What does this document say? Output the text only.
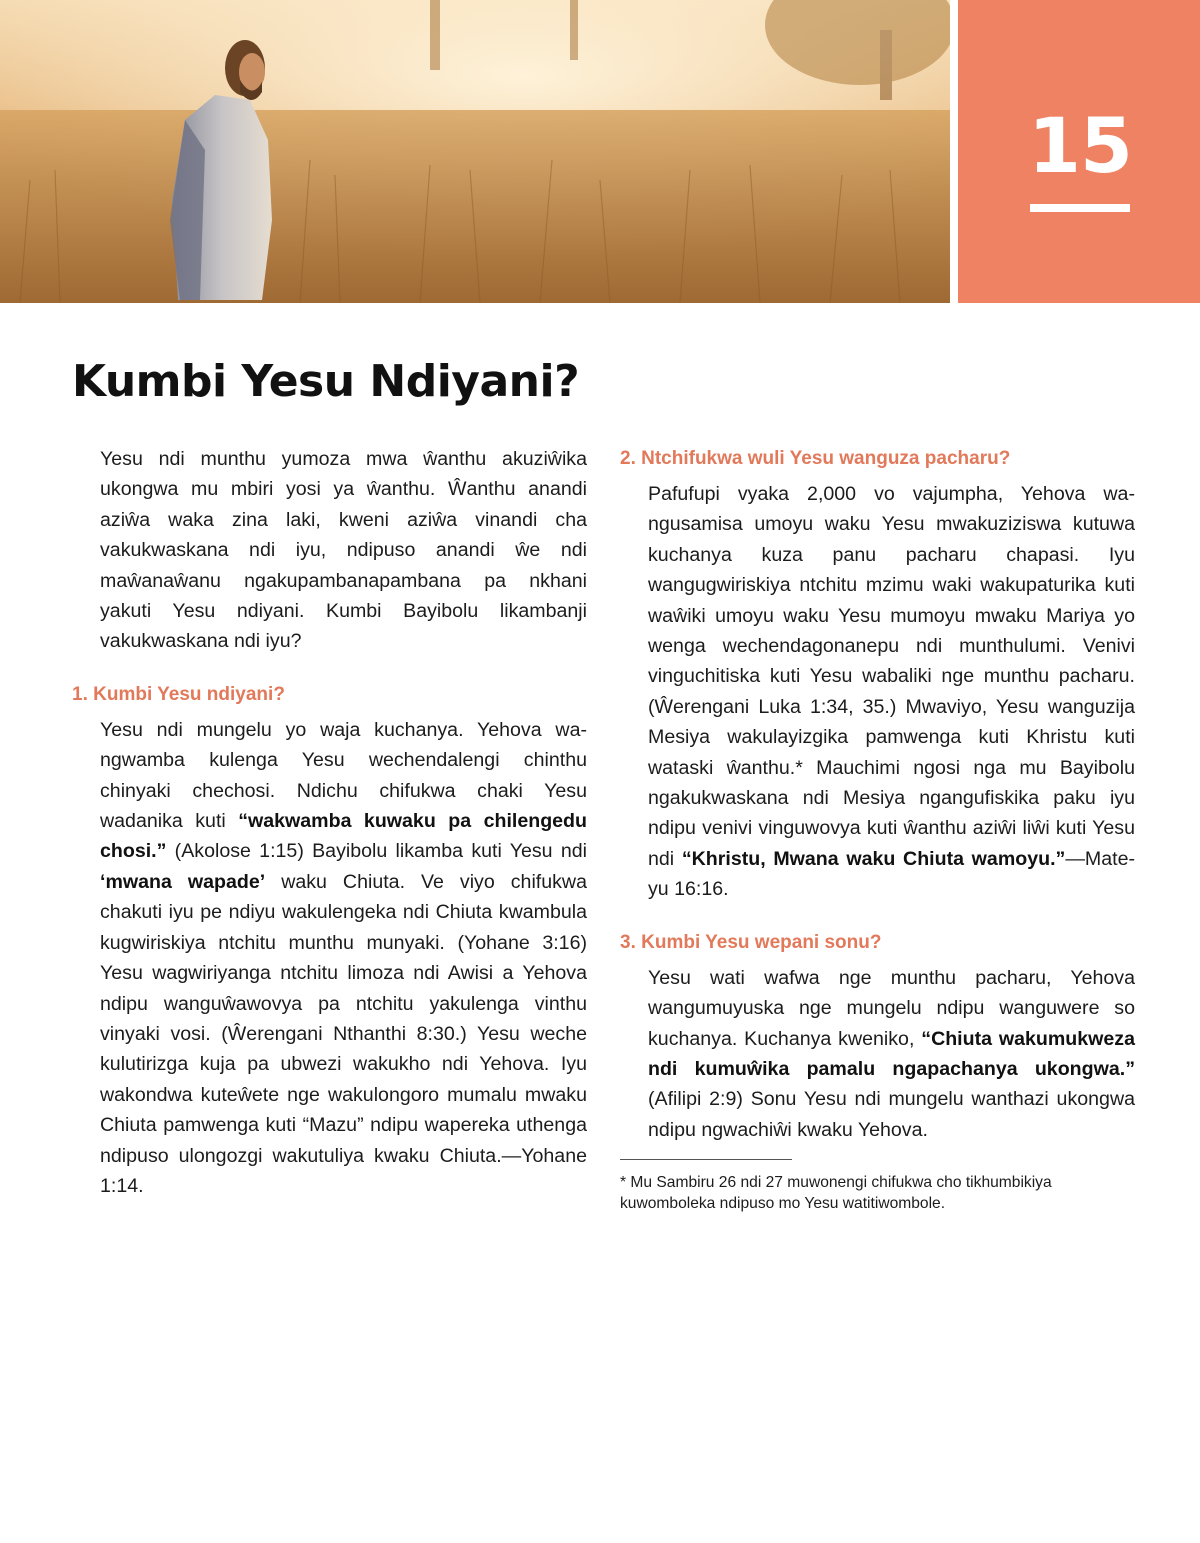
15
Kumbi Yesu Ndiyani?

Yesu ndi munthu yumoza mwa ŵanthu akuziŵika ukongwa mu mbiri yosi ya ŵanthu. Ŵanthu anandi aziŵa waka zina laki, kweni aziŵa vinandi cha vakukwaskana ndi iyu, ndipuso anandi ŵe ndi maŵanaŵanu ngakupambanapambana pa nkhani yakuti Yesu ndiyani. Kumbi Bayibolu likambanji vakukwaskana ndi iyu?

1. Kumbi Yesu ndiyani?

Yesu ndi mungelu yo waja kuchanya. Yehova wangwamba kulenga Yesu wechendalengi chinthu chinyaki chechosi. Ndichu chifukwa chaki Yesu wadanika kuti “wakwamba kuwaku pa chilengedu chosi.” (Akolose 1:15) Bayibolu likamba kuti Yesu ndi ‘mwana wapade’ waku Chiuta. Ve viyo chifukwa chakuti iyu pe ndiyu wakulengeka ndi Chiuta kwambula kugwiriskiya ntchitu munthu munyaki. (Yohane 3:16) Yesu wagwiriyanga ntchitu limoza ndi Awisi a Yehova ndipu wanguŵawovya pa ntchitu yakulenga vinthu vinyaki vosi. (Ŵerengani Nthanthi 8:30.) Yesu weche kulutirizga kuja pa ubwezi wakukho ndi Yehova. Iyu wakondwa kuteŵete nge wakulongoro mumalu mwaku Chiuta pamwenga kuti “Mazu” ndipu wapereka uthenga ndipuso ulongozgi wakutuliya kwaku Chiuta.—Yohane 1:14.

2. Ntchifukwa wuli Yesu wanguza pacharu?

Pafufupi vyaka 2,000 vo vajumpha, Yehova wangusamisa umoyu waku Yesu mwakuziziswa kutuwa kuchanya kuza panu pacharu chapasi. Iyu wangugwiriskiya ntchitu mzimu waki wakupaturika kuti waŵiki umoyu waku Yesu mumoyu mwaku Mariya yo wenga wechendagonanepu ndi munthulumi. Venivi vinguchitiska kuti Yesu wabaliki nge munthu pacharu. (Ŵerengani Luka 1:34, 35.) Mwaviyo, Yesu wanguzija Mesiya wakulayizgika pamwenga kuti Khristu kuti wataski ŵanthu.* Mauchimi ngosi nga mu Bayibolu ngakukwaskana ndi Mesiya ngangufiskika paku iyu ndipu venivi vinguwovya kuti ŵanthu aziŵi liŵi kuti Yesu ndi “Khristu, Mwana waku Chiuta wamoyu.”—Mateyu 16:16.

3. Kumbi Yesu wepani sonu?

Yesu wati wafwa nge munthu pacharu, Yehova wangumuyuska nge mungelu ndipu wanguwere so kuchanya. Kuchanya kweniko, “Chiuta wakumukweza ndi kumuŵika pamalu ngapachanya ukongwa.” (Afilipi 2:9) Sonu Yesu ndi mungelu wanthazi ukongwa ndipu ngwachiŵi kwaku Yehova.

* Mu Sambiru 26 ndi 27 muwonengi chifukwa cho tikhumbikiya kuwomboleka ndipuso mo Yesu watitiwombole.
